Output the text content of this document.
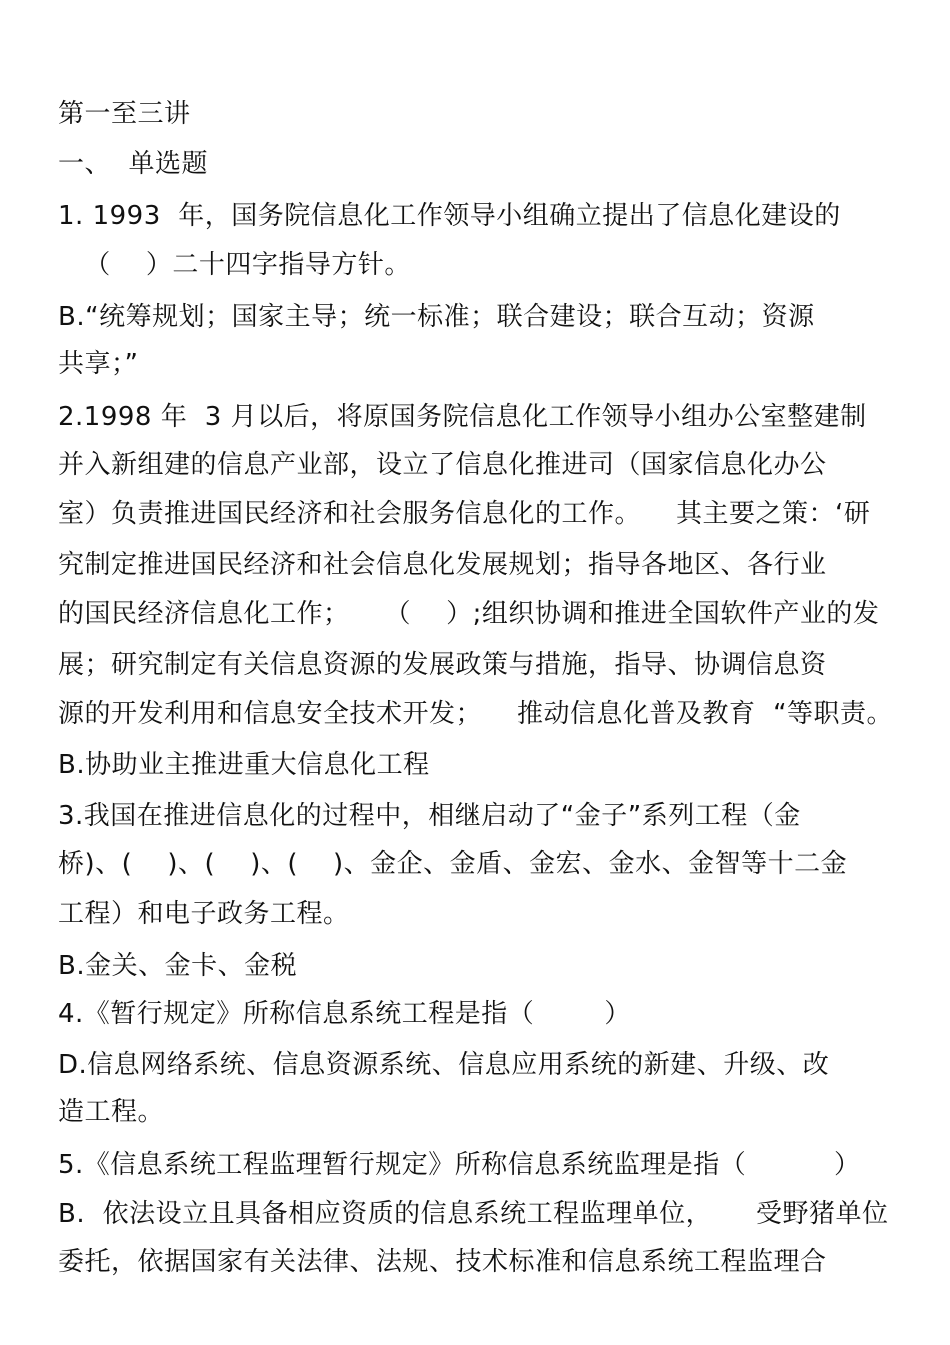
第一至三讲
一、  单选题
1. 1993  年，国务院信息化工作领导小组确立提出了信息化建设的
（    ）二十四字指导方针。
B.“统筹规划；国家主导；统一标准；联合建设；联合互动；资源
共享；”
2.1998 年  3 月以后，将原国务院信息化工作领导小组办公室整建制
并入新组建的信息产业部，设立了信息化推进司（国家信息化办公
室）负责推进国民经济和社会服务信息化的工作。    其主要之策：‘研
究制定推进国民经济和社会信息化发展规划；指导各地区、各行业
的国民经济信息化工作；    （    ）;组织协调和推进全国软件产业的发
展；研究制定有关信息资源的发展政策与措施，指导、协调信息资
源的开发利用和信息安全技术开发；    推动信息化普及教育  “等职责。
B.协助业主推进重大信息化工程
3.我国在推进信息化的过程中，相继启动了“金子”系列工程（金
桥)、(    )、(    )、(    )、金企、金盾、金宏、金水、金智等十二金
工程）和电子政务工程。
B.金关、金卡、金税
4.《暂行规定》所称信息系统工程是指（        ）
D.信息网络系统、信息资源系统、信息应用系统的新建、升级、改
造工程。
5.《信息系统工程监理暂行规定》所称信息系统监理是指（          ）
B.  依法设立且具备相应资质的信息系统工程监理单位，     受野猪单位
委托，依据国家有关法律、法规、技术标准和信息系统工程监理合
